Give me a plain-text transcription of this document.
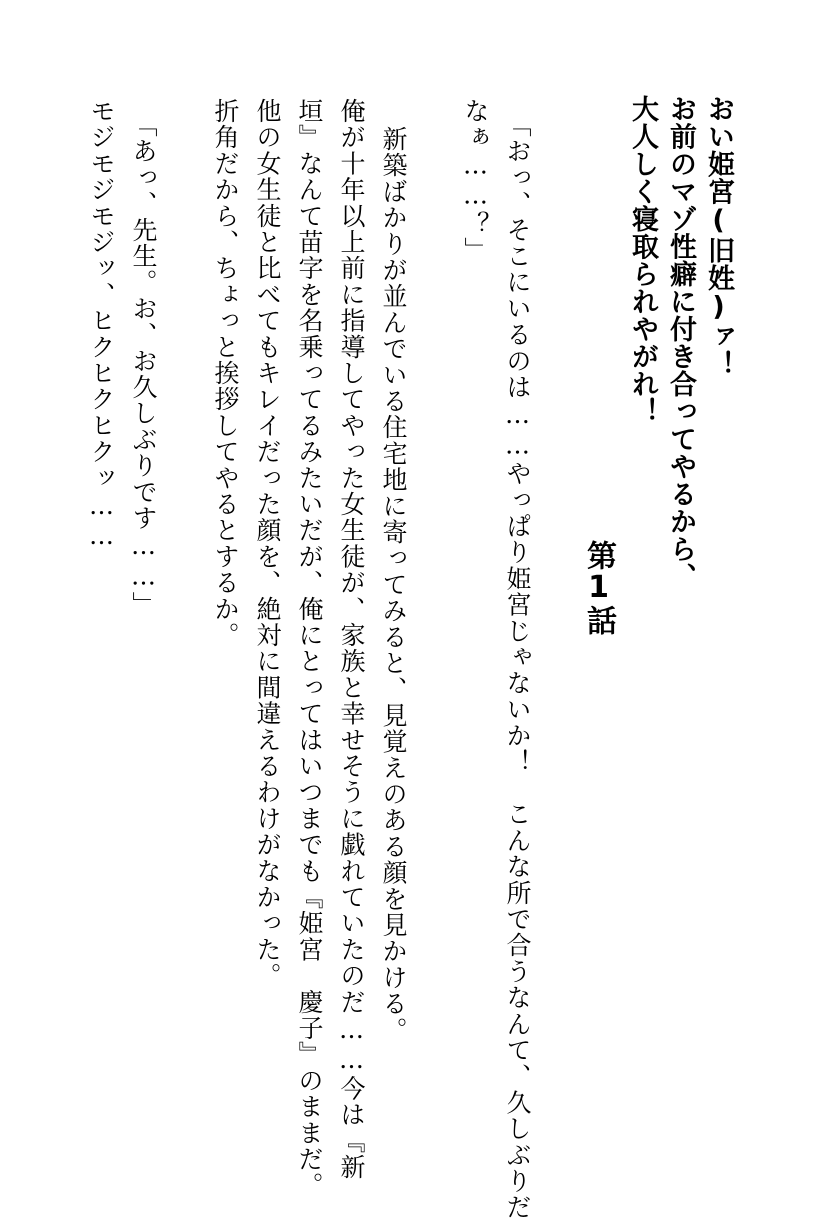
おい姫宮(旧姓)ァ！
お前のマゾ性癖に付き合ってやるから、
大人しく寝取られやがれ！
第1話
「おっ、そこにいるのは……やっぱり姫宮じゃないか！　こんな所で合うなんて、久しぶりだ
なぁ……？」
新築ばかりが並んでいる住宅地に寄ってみると、見覚えのある顔を見かける。
俺が十年以上前に指導してやった女生徒が、家族と幸せそうに戯れていたのだ……今は『新
垣』なんて苗字を名乗ってるみたいだが、俺にとってはいつまでも『姫宮　慶子』のままだ。
他の女生徒と比べてもキレイだった顔を、絶対に間違えるわけがなかった。
折角だから、ちょっと挨拶してやるとするか。
「あっ、先生。お、お久しぶりです……」
モジモジモジッ、ヒクヒクヒクッ……
